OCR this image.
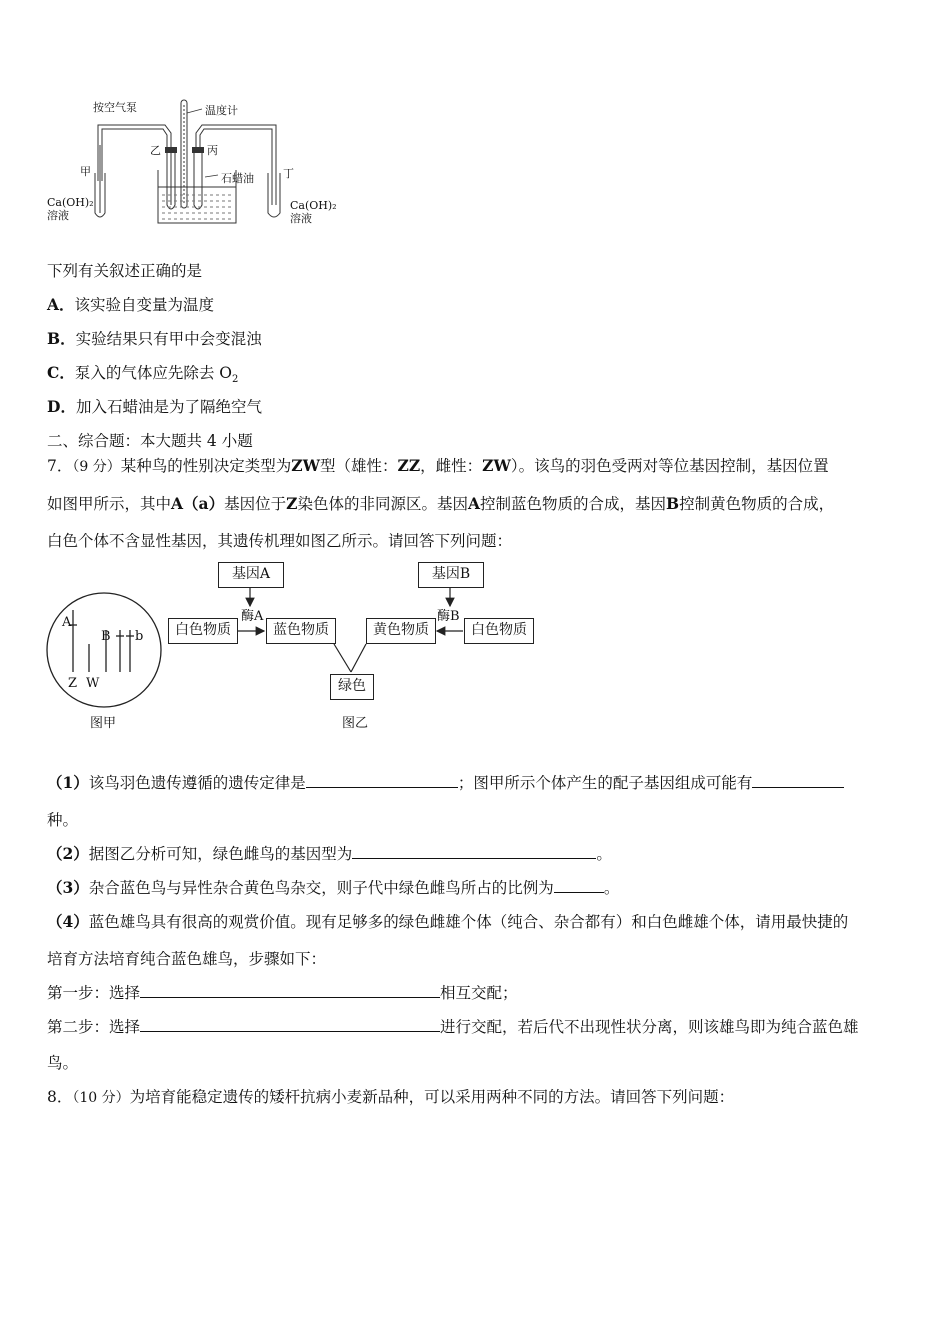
按空气泵	温度计
乙	丙
石蜡油
甲	丁
Ca(OH)₂
溶液
Ca(OH)₂
溶液
下列有关叙述正确的是
A．该实验自变量为温度
B．实验结果只有甲中会变混浊
C．泵入的气体应先除去 $O_2$
D．加入石蜡油是为了隔绝空气
二、综合题：本大题共 4 小题
7．（9 分）某种鸟的性别决定类型为ZW型（雄性：ZZ，雌性：ZW）。该鸟的羽色受两对等位基因控制，基因位置
如图甲所示，其中A（a）基因位于Z染色体的非同源区。基因A控制蓝色物质的合成，基因B控制黄色物质的合成，
白色个体不含显性基因，其遗传机理如图乙所示。请回答下列问题：
A
B b
Z W
图甲
基因A	基因B
白色物质	蓝色物质	黄色物质	白色物质
绿色
酶A	酶B
图乙
（1）该鸟羽色遗传遵循的遗传定律是	；图甲所示个体产生的配子基因组成可能有
种。
（2）据图乙分析可知，绿色雌鸟的基因型为	。
（3）杂合蓝色鸟与异性杂合黄色鸟杂交，则子代中绿色雌鸟所占的比例为	。
（4）蓝色雄鸟具有很高的观赏价值。现有足够多的绿色雌雄个体（纯合、杂合都有）和白色雌雄个体，请用最快捷的
培育方法培育纯合蓝色雄鸟，步骤如下：
第一步：选择	相互交配；
第二步：选择	进行交配，若后代不出现性状分离，则该雄鸟即为纯合蓝色雄
鸟。
8．（10 分）为培育能稳定遗传的矮杆抗病小麦新品种，可以采用两种不同的方法。请回答下列问题：
